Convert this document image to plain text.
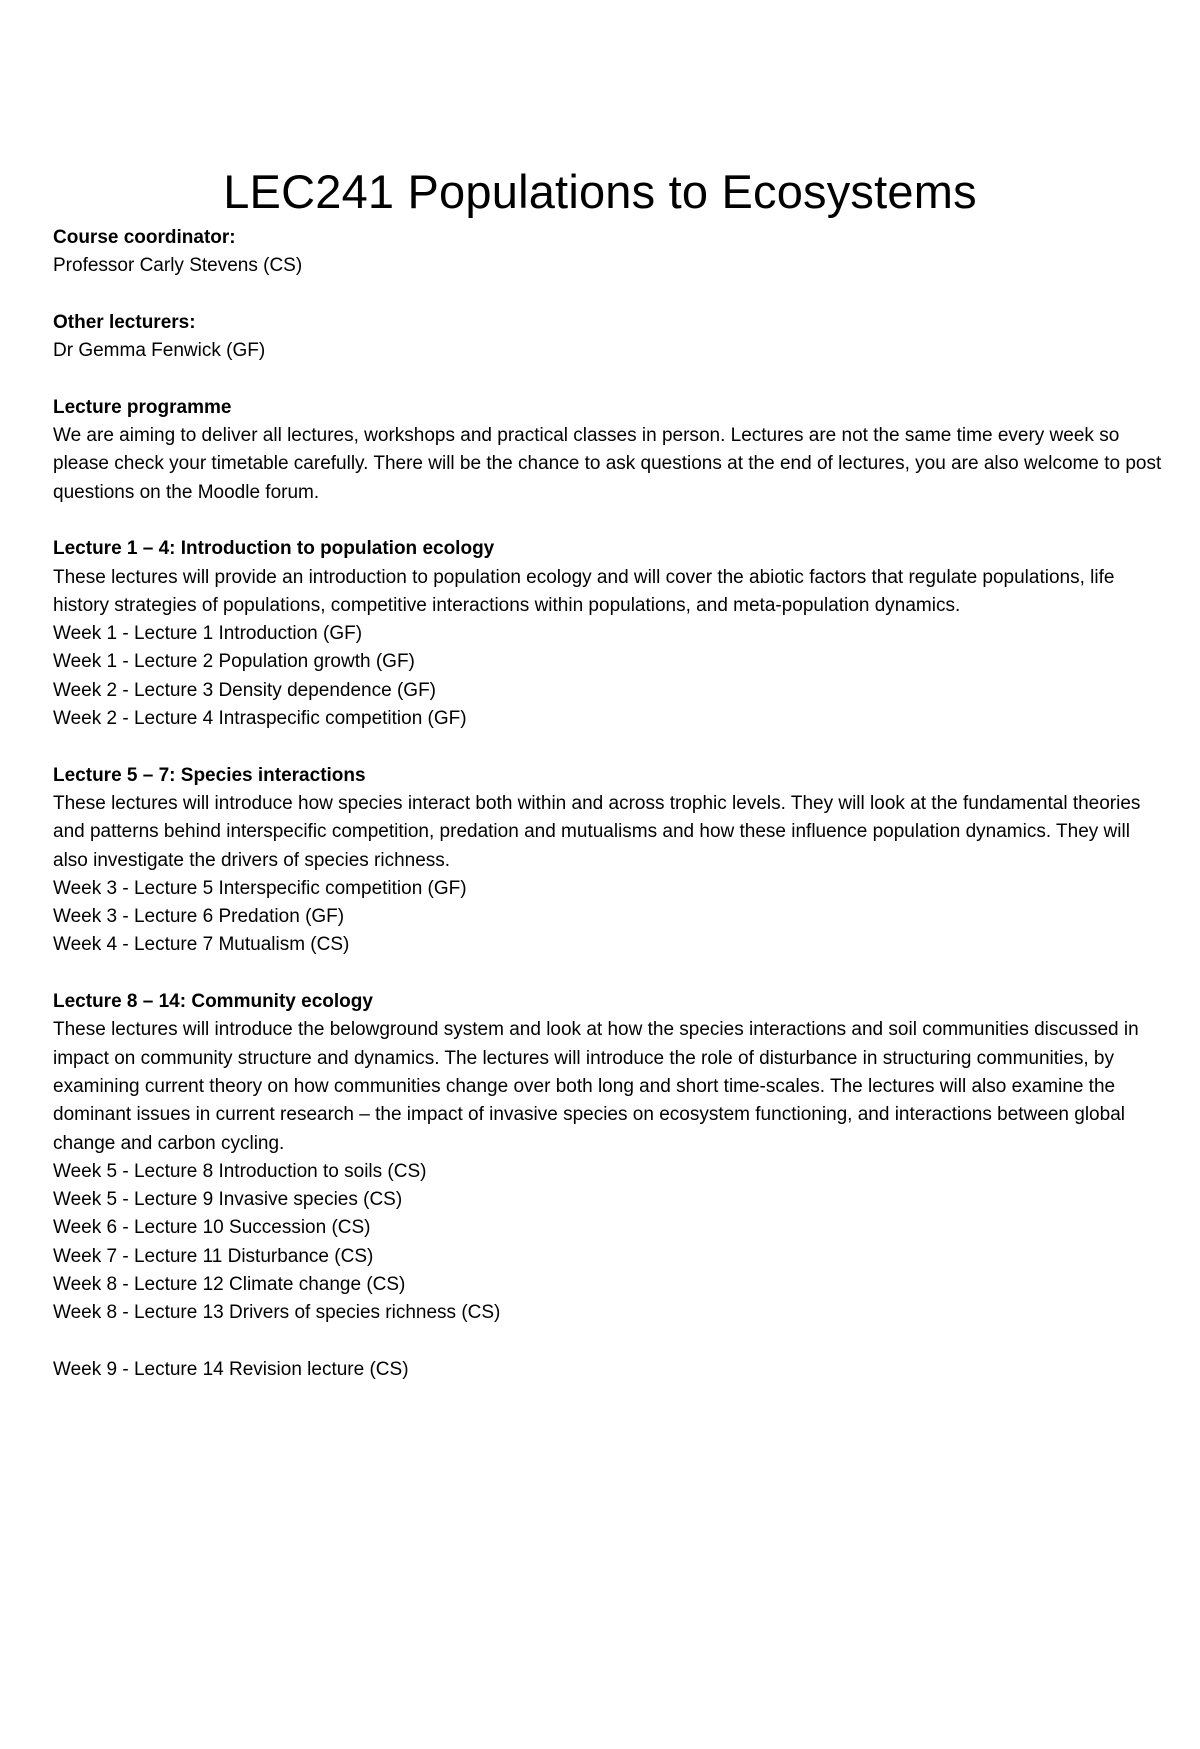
LEC241 Populations to Ecosystems

Course coordinator:

Professor Carly Stevens (CS)

Other lecturers:

Dr Gemma Fenwick (GF)

Lecture programme

We are aiming to deliver all lectures, workshops and practical classes in person. Lectures are not the same time every week so please check your timetable carefully. There will be the chance to ask questions at the end of lectures, you are also welcome to post questions on the Moodle forum.

Lecture 1 – 4: Introduction to population ecology

These lectures will provide an introduction to population ecology and will cover the abiotic factors that regulate populations, life history strategies of populations, competitive interactions within populations, and meta-population dynamics.

Week 1 - Lecture 1 Introduction (GF)

Week 1 - Lecture 2 Population growth (GF)

Week 2 - Lecture 3 Density dependence (GF)

Week 2 - Lecture 4 Intraspecific competition (GF)

Lecture 5 – 7: Species interactions

These lectures will introduce how species interact both within and across trophic levels. They will look at the fundamental theories and patterns behind interspecific competition, predation and mutualisms and how these influence population dynamics. They will also investigate the drivers of species richness.

Week 3 - Lecture 5 Interspecific competition (GF)

Week 3 - Lecture 6 Predation (GF)

Week 4 - Lecture 7 Mutualism (CS)

Lecture 8 – 14: Community ecology

These lectures will introduce the belowground system and look at how the species interactions and soil communities discussed in impact on community structure and dynamics. The lectures will introduce the role of disturbance in structuring communities, by examining current theory on how communities change over both long and short time-scales. The lectures will also examine the dominant issues in current research – the impact of invasive species on ecosystem functioning, and interactions between global change and carbon cycling.

Week 5 - Lecture 8 Introduction to soils (CS)

Week 5 - Lecture 9 Invasive species (CS)

Week 6 - Lecture 10 Succession (CS)

Week 7 - Lecture 11 Disturbance (CS)

Week 8 - Lecture 12 Climate change (CS)

Week 8 - Lecture 13 Drivers of species richness (CS)

Week 9 - Lecture 14 Revision lecture (CS)
